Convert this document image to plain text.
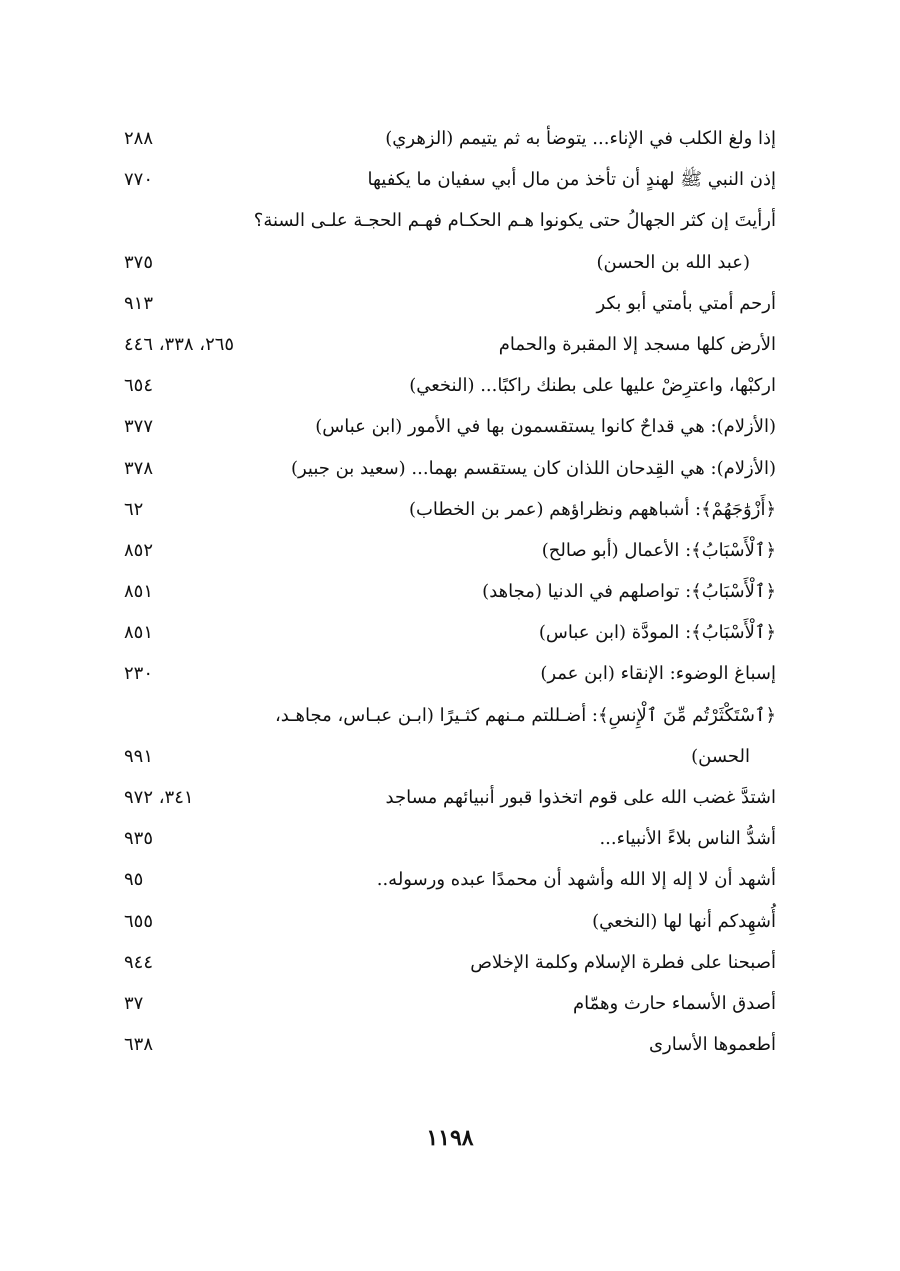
إذا ولغ الكلب في الإناء... يتوضأ به ثم يتيمم (الزهري)
٢٨٨
إذن النبي ﷺ لهندٍ أن تأخذ من مال أبي سفيان ما يكفيها
٧٧٠
أرأيتَ إن كثر الجهالُ حتى يكونوا هـم الحكـام فهـم الحجـة علـى السنة؟
(عبد الله بن الحسن)
٣٧٥
أرحم أمتي بأمتي أبو بكر
٩١٣
الأرض كلها مسجد إلا المقبرة والحمام
٢٦٥، ٣٣٨، ٤٤٦
اركبْها، واعترِضْ عليها على بطنك راكبًا... (النخعي)
٦٥٤
(الأزلام): هي قداحٌ كانوا يستقسمون بها في الأمور (ابن عباس)
٣٧٧
(الأزلام): هي القِدحان اللذان كان يستقسم بهما... (سعيد بن جبير)
٣٧٨
﴿أَزْوَٰجَهُمْ﴾: أشباههم ونظراؤهم (عمر بن الخطاب)
٦٢
﴿ٱلْأَسْبَابُ﴾: الأعمال (أبو صالح)
٨٥٢
﴿ٱلْأَسْبَابُ﴾: تواصلهم في الدنيا (مجاهد)
٨٥١
﴿ٱلْأَسْبَابُ﴾: المودَّة (ابن عباس)
٨٥١
إسباغ الوضوء: الإنقاء (ابن عمر)
٢٣٠
﴿ٱسْتَكْثَرْتُم مِّنَ ٱلْإِنسِ﴾: أضـللتم مـنهم كثـيرًا (ابـن عبـاس، مجاهـد،
الحسن)
٩٩١
اشتدَّ غضب الله على قوم اتخذوا قبور أنبيائهم مساجد
٣٤١، ٩٧٢
أشدُّ الناس بلاءً الأنبياء...
٩٣٥
أشهد أن لا إله إلا الله وأشهد أن محمدًا عبده ورسوله..
٩٥
أُشهِدكم أنها لها (النخعي)
٦٥٥
أصبحنا على فطرة الإسلام وكلمة الإخلاص
٩٤٤
أصدق الأسماء حارث وهمّام
٣٧
أطعموها الأسارى
٦٣٨
١١٩٨
